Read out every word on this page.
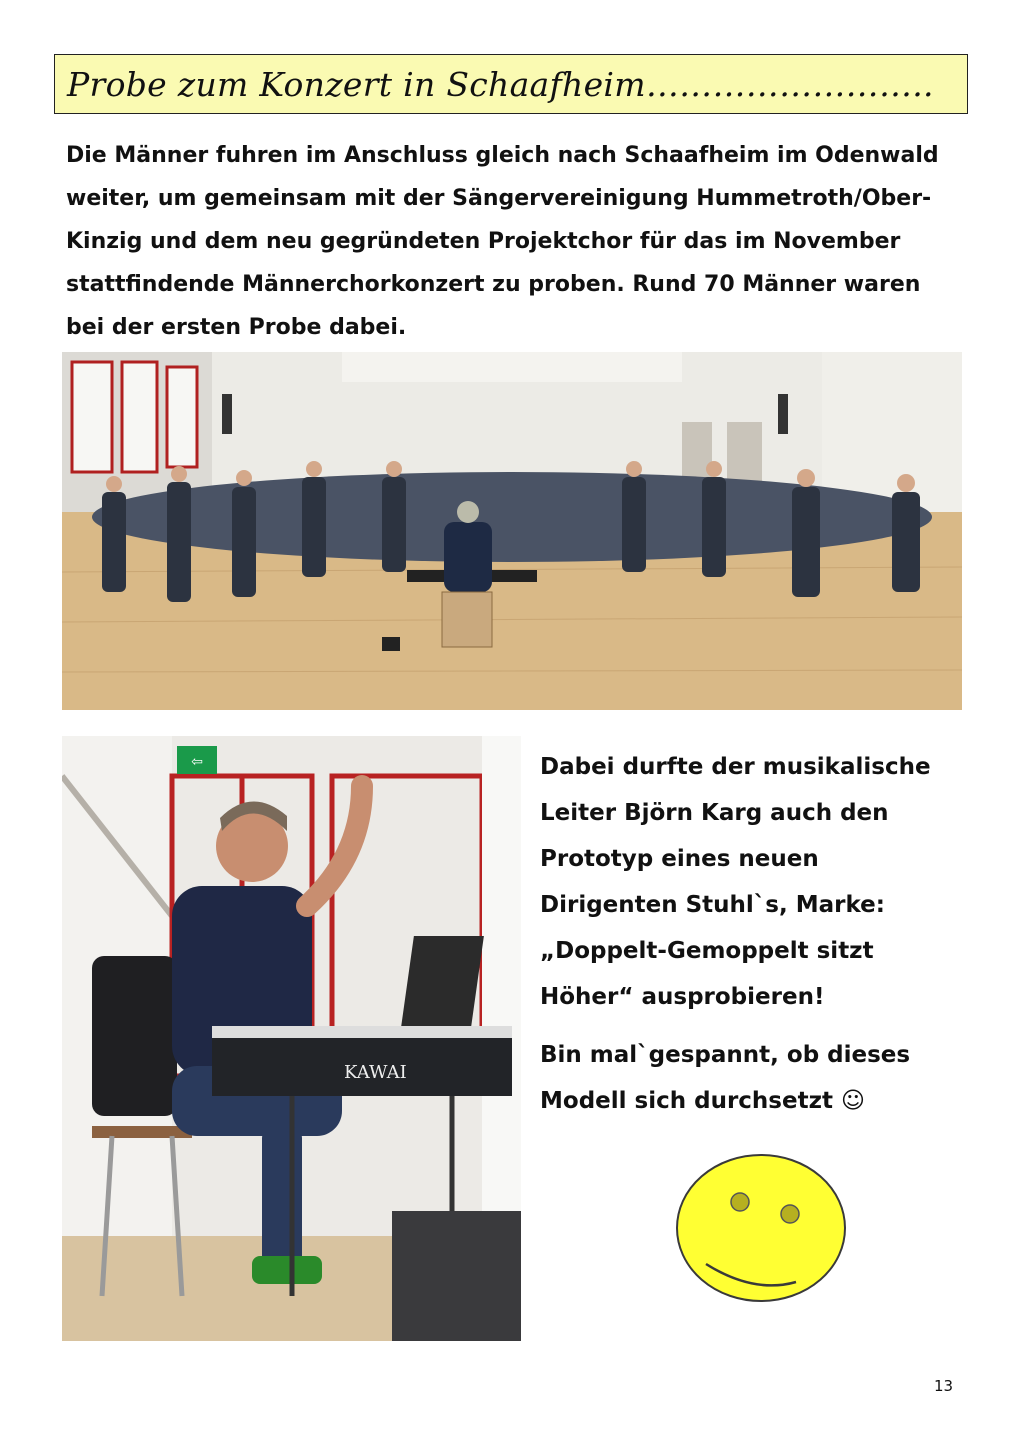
Probe zum Konzert in Schaafheim……………………..

Die Männer fuhren im Anschluss gleich nach Schaafheim im Odenwald weiter, um gemeinsam mit der Sängervereinigung Hummetroth/Ober-Kinzig und dem neu gegründeten Projektchor für das im November stattfindende Männerchorkonzert zu proben. Rund 70 Männer waren bei der ersten Probe dabei.

⇦
KAWAI

Dabei durfte der musikalische Leiter Björn Karg auch den Prototyp eines neuen Dirigenten Stuhl`s, Marke: „Doppelt-Gemoppelt sitzt Höher“ ausprobieren!

Bin mal`gespannt, ob dieses Modell sich durchsetzt ☺

13
